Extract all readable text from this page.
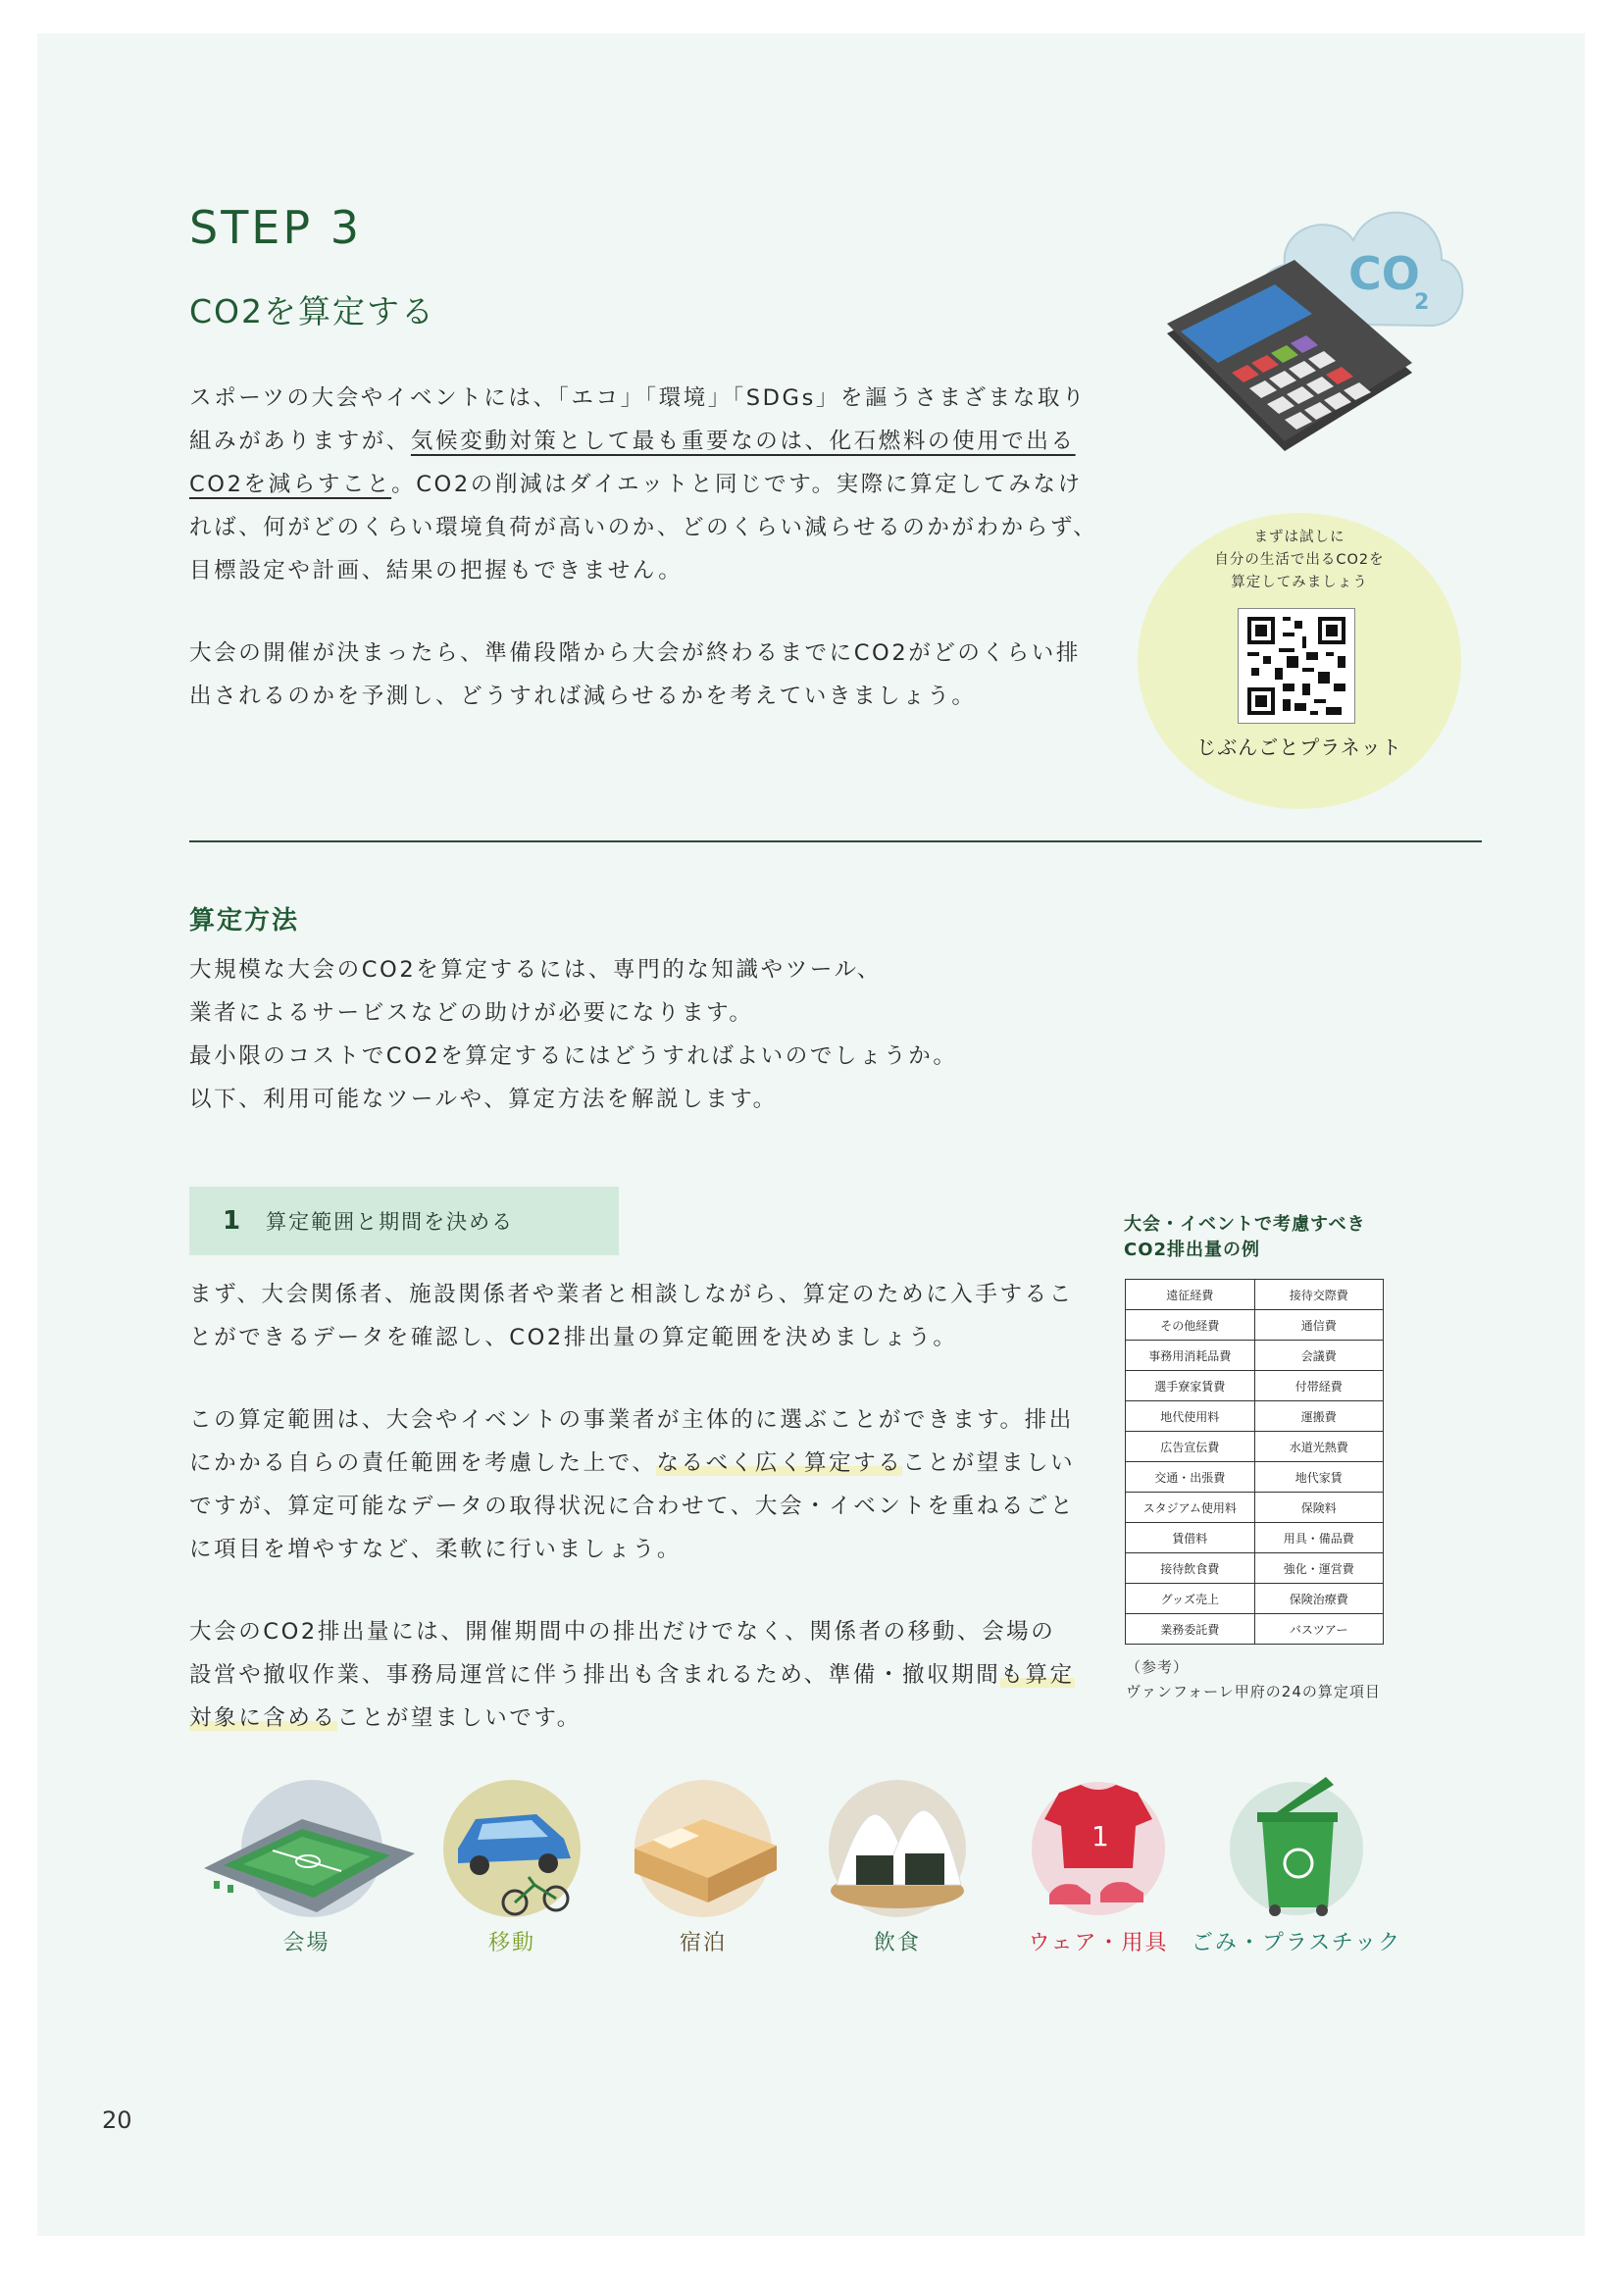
STEP 3
CO2を算定する
CO
2

スポーツの大会やイベントには、「エコ」「環境」「SDGs」を謳うさまざまな取り

組みがありますが、気候変動対策として最も重要なのは、化石燃料の使用で出る

CO2を減らすこと。CO2の削減はダイエットと同じです。実際に算定してみなけ

れば、何がどのくらい環境負荷が高いのか、どのくらい減らせるのかがわからず、

目標設定や計画、結果の把握もできません。

大会の開催が決まったら、準備段階から大会が終わるまでにCO2がどのくらい排

出されるのかを予測し、どうすれば減らせるかを考えていきましょう。

まずは試しに
自分の生活で出るCO2を
算定してみましょう
じぶんごとプラネット
算定方法

大規模な大会のCO2を算定するには、専門的な知識やツール、

業者によるサービスなどの助けが必要になります。

最小限のコストでCO2を算定するにはどうすればよいのでしょうか。

以下、利用可能なツールや、算定方法を解説します。

1 算定範囲と期間を決める

まず、大会関係者、施設関係者や業者と相談しながら、算定のために入手するこ

とができるデータを確認し、CO2排出量の算定範囲を決めましょう。

この算定範囲は、大会やイベントの事業者が主体的に選ぶことができます。排出

にかかる自らの責任範囲を考慮した上で、なるべく広く算定することが望ましい

ですが、算定可能なデータの取得状況に合わせて、大会・イベントを重ねるごと

に項目を増やすなど、柔軟に行いましょう。

大会のCO2排出量には、開催期間中の排出だけでなく、関係者の移動、会場の

設営や撤収作業、事務局運営に伴う排出も含まれるため、準備・撤収期間も算定

対象に含めることが望ましいです。

大会・イベントで考慮すべき
CO2排出量の例
遠征経費	接待交際費
その他経費	通信費
事務用消耗品費	会議費
選手寮家賃費	付帯経費
地代使用料	運搬費
広告宣伝費	水道光熱費
交通・出張費	地代家賃
スタジアム使用料	保険料
賃借料	用具・備品費
接待飲食費	強化・運営費
グッズ売上	保険治療費
業務委託費	バスツアー
（参考）
ヴァンフォーレ甲府の24の算定項目
会場	移動	宿泊	飲食
1
ウェア・用具	ごみ・プラスチック
20
